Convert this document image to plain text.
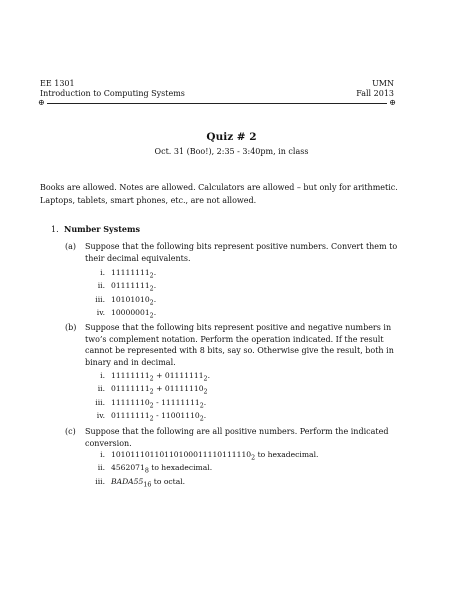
EE 1301	UMN
Introduction to Computing Systems	Fall 2013
⊕	⊕
Quiz # 2
Oct. 31 (Boo!), 2:35 - 3:40pm, in class

Books are allowed. Notes are allowed. Calculators are allowed – but only for arithmetic.

Laptops, tablets, smart phones, etc., are not allowed.

1. Number Systems
(a) Suppose that the following bits represent positive numbers. Convert them to their decimal equivalents.
i. $11111111_2$.
ii. $01111111_2$.
iii. $10101010_2$.
iv. $10000001_2$.
(b) Suppose that the following bits represent positive and negative numbers in two’s complement notation. Perform the operation indicated. If the result cannot be represented with 8 bits, say so. Otherwise give the result, both in binary and in decimal.
i. $11111111_2 + 01111111_2$.
ii. $01111111_2 + 01111110_2$
iii. $11111110_2 - 11111111_2$.
iv. $01111111_2 - 11001110_2$.
(c) Suppose that the following are all positive numbers. Perform the indicated conversion.
i. $10101110110110100011110111110_2$ to hexadecimal.
ii. $4562071_8$ to hexadecimal.
iii. $BADA55_{16}$ to octal.
